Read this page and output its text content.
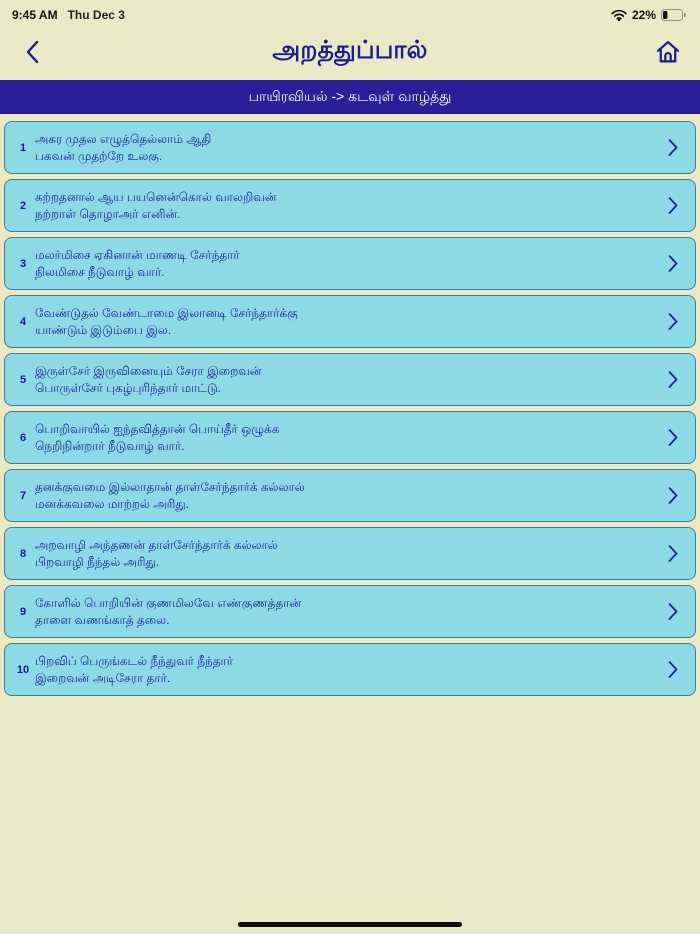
9:45 AM Thu Dec 3	22%
அறத்துப்பால்
பாயிரவியல் -> கடவுள் வாழ்த்து
1
அகர முதல எழுத்தெல்லாம் ஆதி
பகவன் முதற்றே உலகு.
2
கற்றதனால் ஆய பயனென்கொல் வாலறிவன்
நற்றாள் தொழாஅர் எனின்.
3
மலர்மிசை ஏகினான் மாணடி சேர்ந்தார்
நிலமிசை நீடுவாழ் வார்.
4
வேண்டுதல் வேண்டாமை இலானடி சேர்ந்தார்க்கு
யாண்டும் இடும்பை இல.
5
இருள்சேர் இருவினையும் சேரா இறைவன்
பொருள்சேர் புகழ்புரிந்தார் மாட்டு.
6
பொறிவாயில் ஐந்தவித்தான் பொய்தீர் ஒழுக்க
நெறிநின்றார் நீடுவாழ் வார்.
7
தனக்குவமை இல்லாதான் தாள்சேர்ந்தார்க் கல்லால்
மனக்கவலை மாற்றல் அரிது.
8
அறவாழி அந்தணன் தாள்சேர்ந்தார்க் கல்லால்
பிறவாழி நீந்தல் அரிது.
9
கோளில் பொறியின் குணமிலவே எண்குணத்தான்
தாளை வணங்காத் தலை.
10
பிறவிப் பெருங்கடல் நீந்துவர் நீந்தார்
இறைவன் அடிசேரா தார்.
